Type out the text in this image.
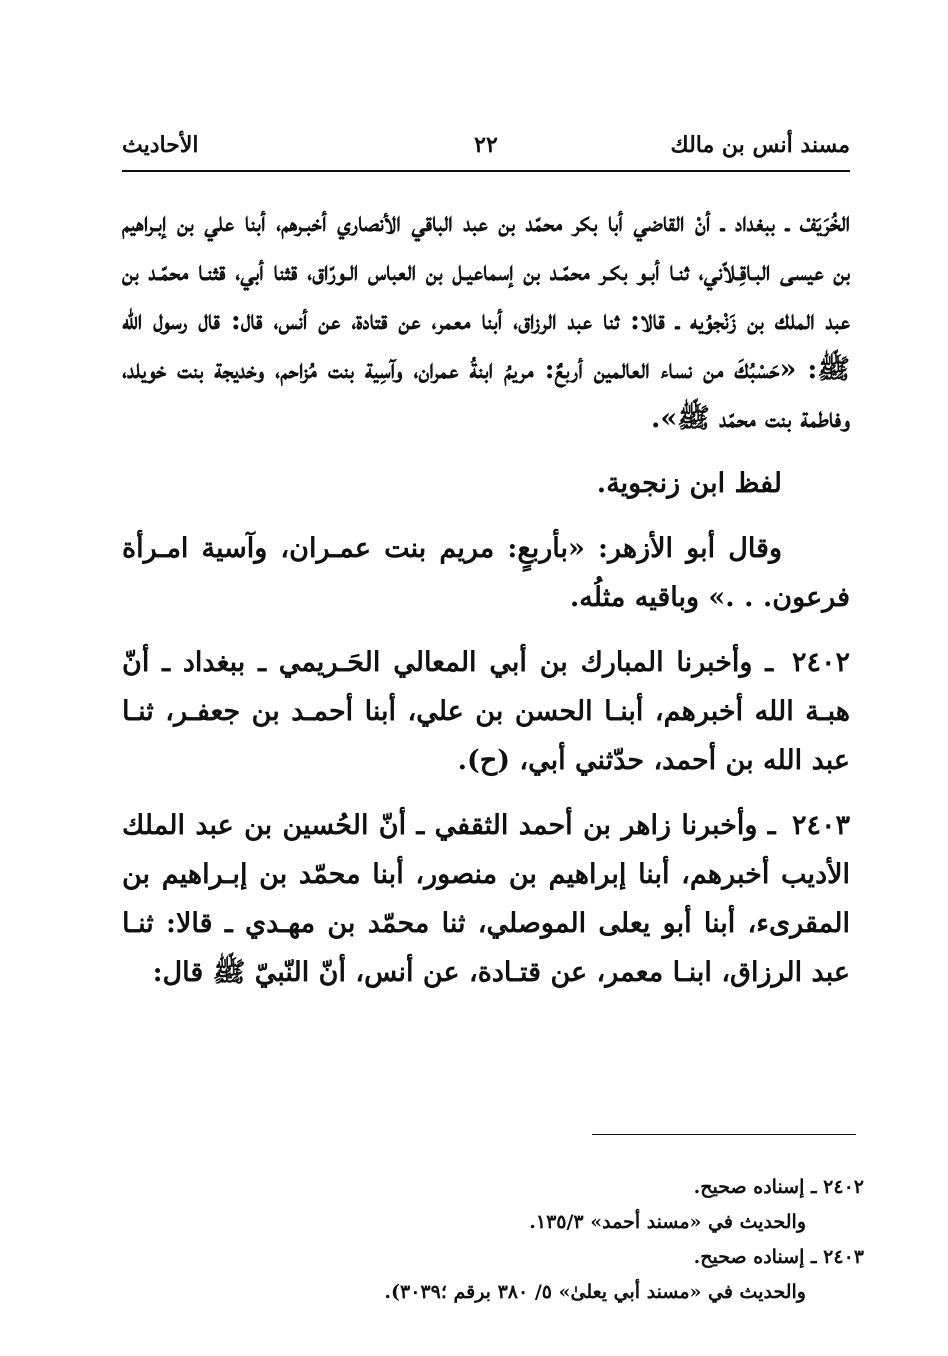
مسند أنس بن مالك
٢٢
الأحاديث

الخُرَيَفْ ـ ببغداد ـ أنْ القاضي أبا بكر محمّد بن عبد الباقي الأنصاري أخبـرهم، أبنا علي بن إبـراهيم بن عيسى البـاقِـلاّني، ثنـا أبـو بكـر محمّـد بن إسماعيـل بن العباس الـورّاق، قثنا أبي، قثنـا محمّـد بن عبد الملك بن زَنْجوُيه ـ قالا: ثنا عبد الرزاق، أبنا معمر، عن قتادة، عن أنس، قال: قال رسول الله ﷺ: «حَسْبُكَ من نساء العالمين أربعٌ: مريمُ ابنةُ عمران، وآسِية بنت مُزاحم، وخديجة بنت خويلد، وفاطمة بنت محمّد ﷺ».

لفظ ابن زنجوية.

وقال أبو الأزهر: «بأربعٍ: مريم بنت عمـران، وآسية امـرأة فرعون. . .» وباقيه مثلُه.

٢٤٠٢ ـ وأخبرنا المبارك بن أبي المعالي الحَـريمي ـ ببغداد ـ أنّ هبـة الله أخبرهم، أبنـا الحسن بن علي، أبنا أحمـد بن جعفـر، ثنـا عبد الله بن أحمد، حدّثني أبي، (ح).

٢٤٠٣ ـ وأخبرنا زاهر بن أحمد الثقفي ـ أنّ الحُسين بن عبد الملك الأديب أخبرهم، أبنا إبراهيم بن منصور، أبنا محمّد بن إبـراهيم بن المقرىء، أبنا أبو يعلى الموصلي، ثنا محمّد بن مهـدي ـ قالا: ثنـا عبد الرزاق، ابنـا معمر، عن قتـادة، عن أنس، أنّ النّبيّ ﷺ قال:

٢٤٠٢ ـ إسناده صحيح.

والحديث في «مسند أحمد» ١٣٥/٣.

٢٤٠٣ ـ إسناده صحيح.

والحديث في «مسند أبي يعلىٰ» ٥/ ٣٨٠ برقم ؛٣٠٣٩).
